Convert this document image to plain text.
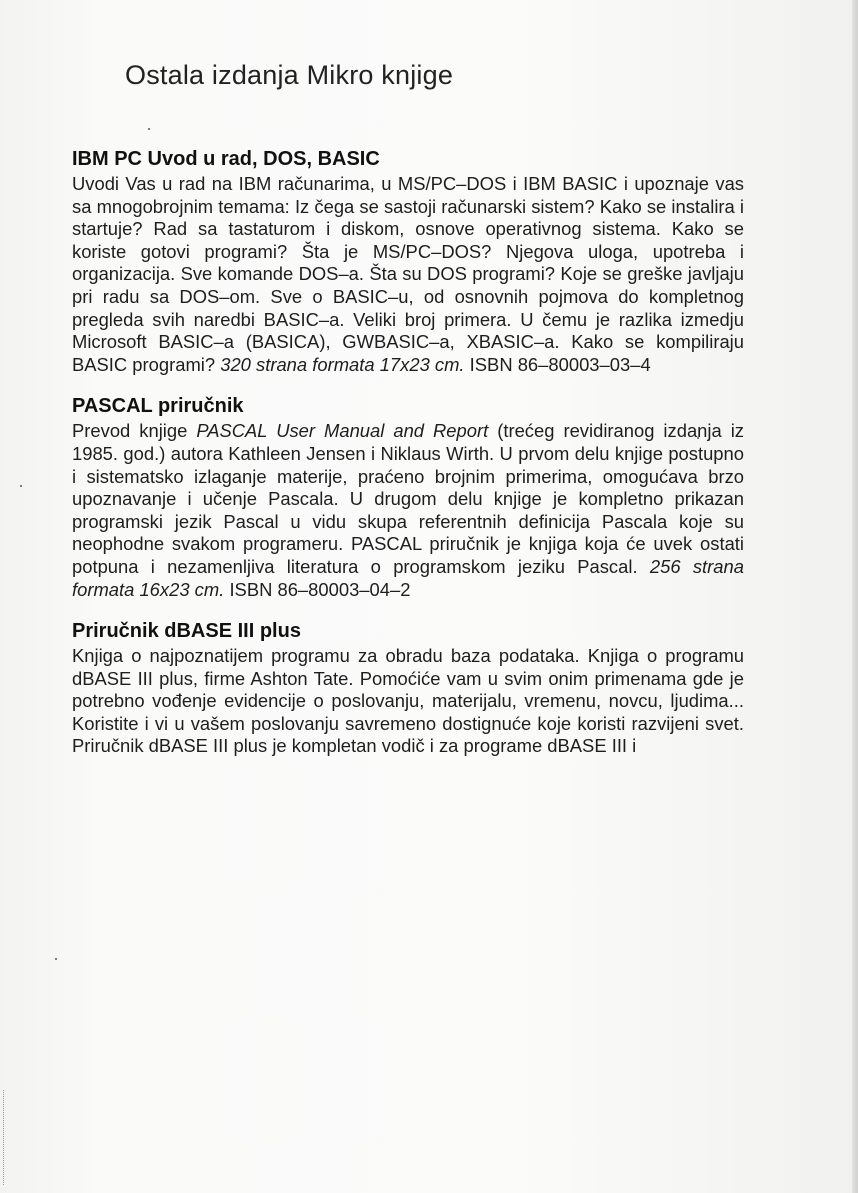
Ostala izdanja Mikro knjige
IBM PC Uvod u rad, DOS, BASIC
Uvodi Vas u rad na IBM računarima, u MS/PC–DOS i IBM BASIC i upoznaje vas sa mnogobrojnim temama: Iz čega se sastoji računarski sistem? Kako se instalira i startuje? Rad sa tastaturom i diskom, osnove operativnog sistema. Kako se koriste gotovi programi? Šta je MS/PC–DOS? Njegova uloga, upotreba i organizacija. Sve komande DOS–a. Šta su DOS programi? Koje se greške javljaju pri radu sa DOS–om. Sve o BASIC–u, od osnovnih pojmova do kompletnog pregleda svih naredbi BASIC–a. Veliki broj primera. U čemu je razlika izmedju Microsoft BASIC–a (BASICA), GWBASIC–a, XBASIC–a. Kako se kompiliraju BASIC programi? 320 strana formata 17x23 cm. ISBN 86–80003–03–4
PASCAL priručnik
Prevod knjige PASCAL User Manual and Report (trećeg revidiranog izdanja iz 1985. god.) autora Kathleen Jensen i Niklaus Wirth. U prvom delu knjige postupno i sistematsko izlaganje materije, praćeno brojnim primerima, omogućava brzo upoznavanje i učenje Pascala. U drugom delu knjige je kompletno prikazan programski jezik Pascal u vidu skupa referentnih definicija Pascala koje su neophodne svakom programeru. PASCAL priručnik je knjiga koja će uvek ostati potpuna i nezamenljiva literatura o programskom jeziku Pascal. 256 strana formata 16x23 cm. ISBN 86–80003–04–2
Priručnik dBASE III plus
Knjiga o najpoznatijem programu za obradu baza podataka. Knjiga o programu dBASE III plus, firme Ashton Tate. Pomoćiće vam u svim onim primenama gde je potrebno vođenje evidencije o poslovanju, materijalu, vremenu, novcu, ljudima... Koristite i vi u vašem poslovanju savremeno dostignuće koje koristi razvijeni svet. Priručnik dBASE III plus je kompletan vodič i za programe dBASE III i
